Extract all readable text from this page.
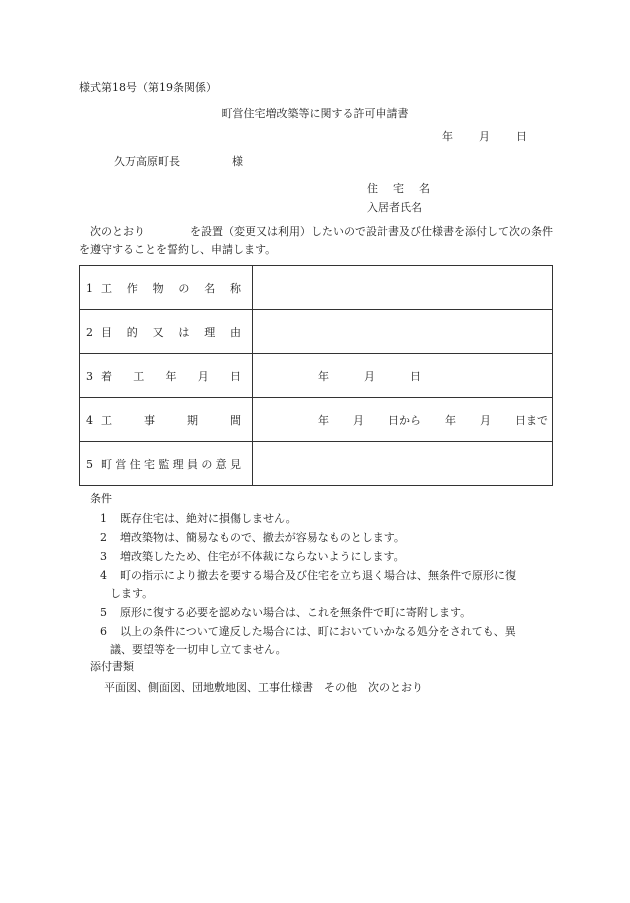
様式第18号（第19条関係）
町営住宅増改築等に関する許可申請書
年 月 日
久万高原町長	様
住　宅　名
入居者氏名
次のとおり	を設置（変更又は利用）したいので設計書及び仕様書を添付して次の条件を遵守することを誓約し、申請します。
1 工作物の名称	
2 目的又は理由	
3 着工年月日	年 月 日
4 工事期間	年 月 日から 年 月 日まで
5 町営住宅監理員の意見	
条件
1 既存住宅は、絶対に損傷しません。
2 増改築物は、簡易なもので、撤去が容易なものとします。
3 増改築したため、住宅が不体裁にならないようにします。
4 町の指示により撤去を要する場合及び住宅を立ち退く場合は、無条件で原形に復
します。
5 原形に復する必要を認めない場合は、これを無条件で町に寄附します。
6 以上の条件について違反した場合には、町においていかなる処分をされても、異
議、要望等を一切申し立てません。
添付書類
平面図、側面図、団地敷地図、工事仕様書　その他　次のとおり
